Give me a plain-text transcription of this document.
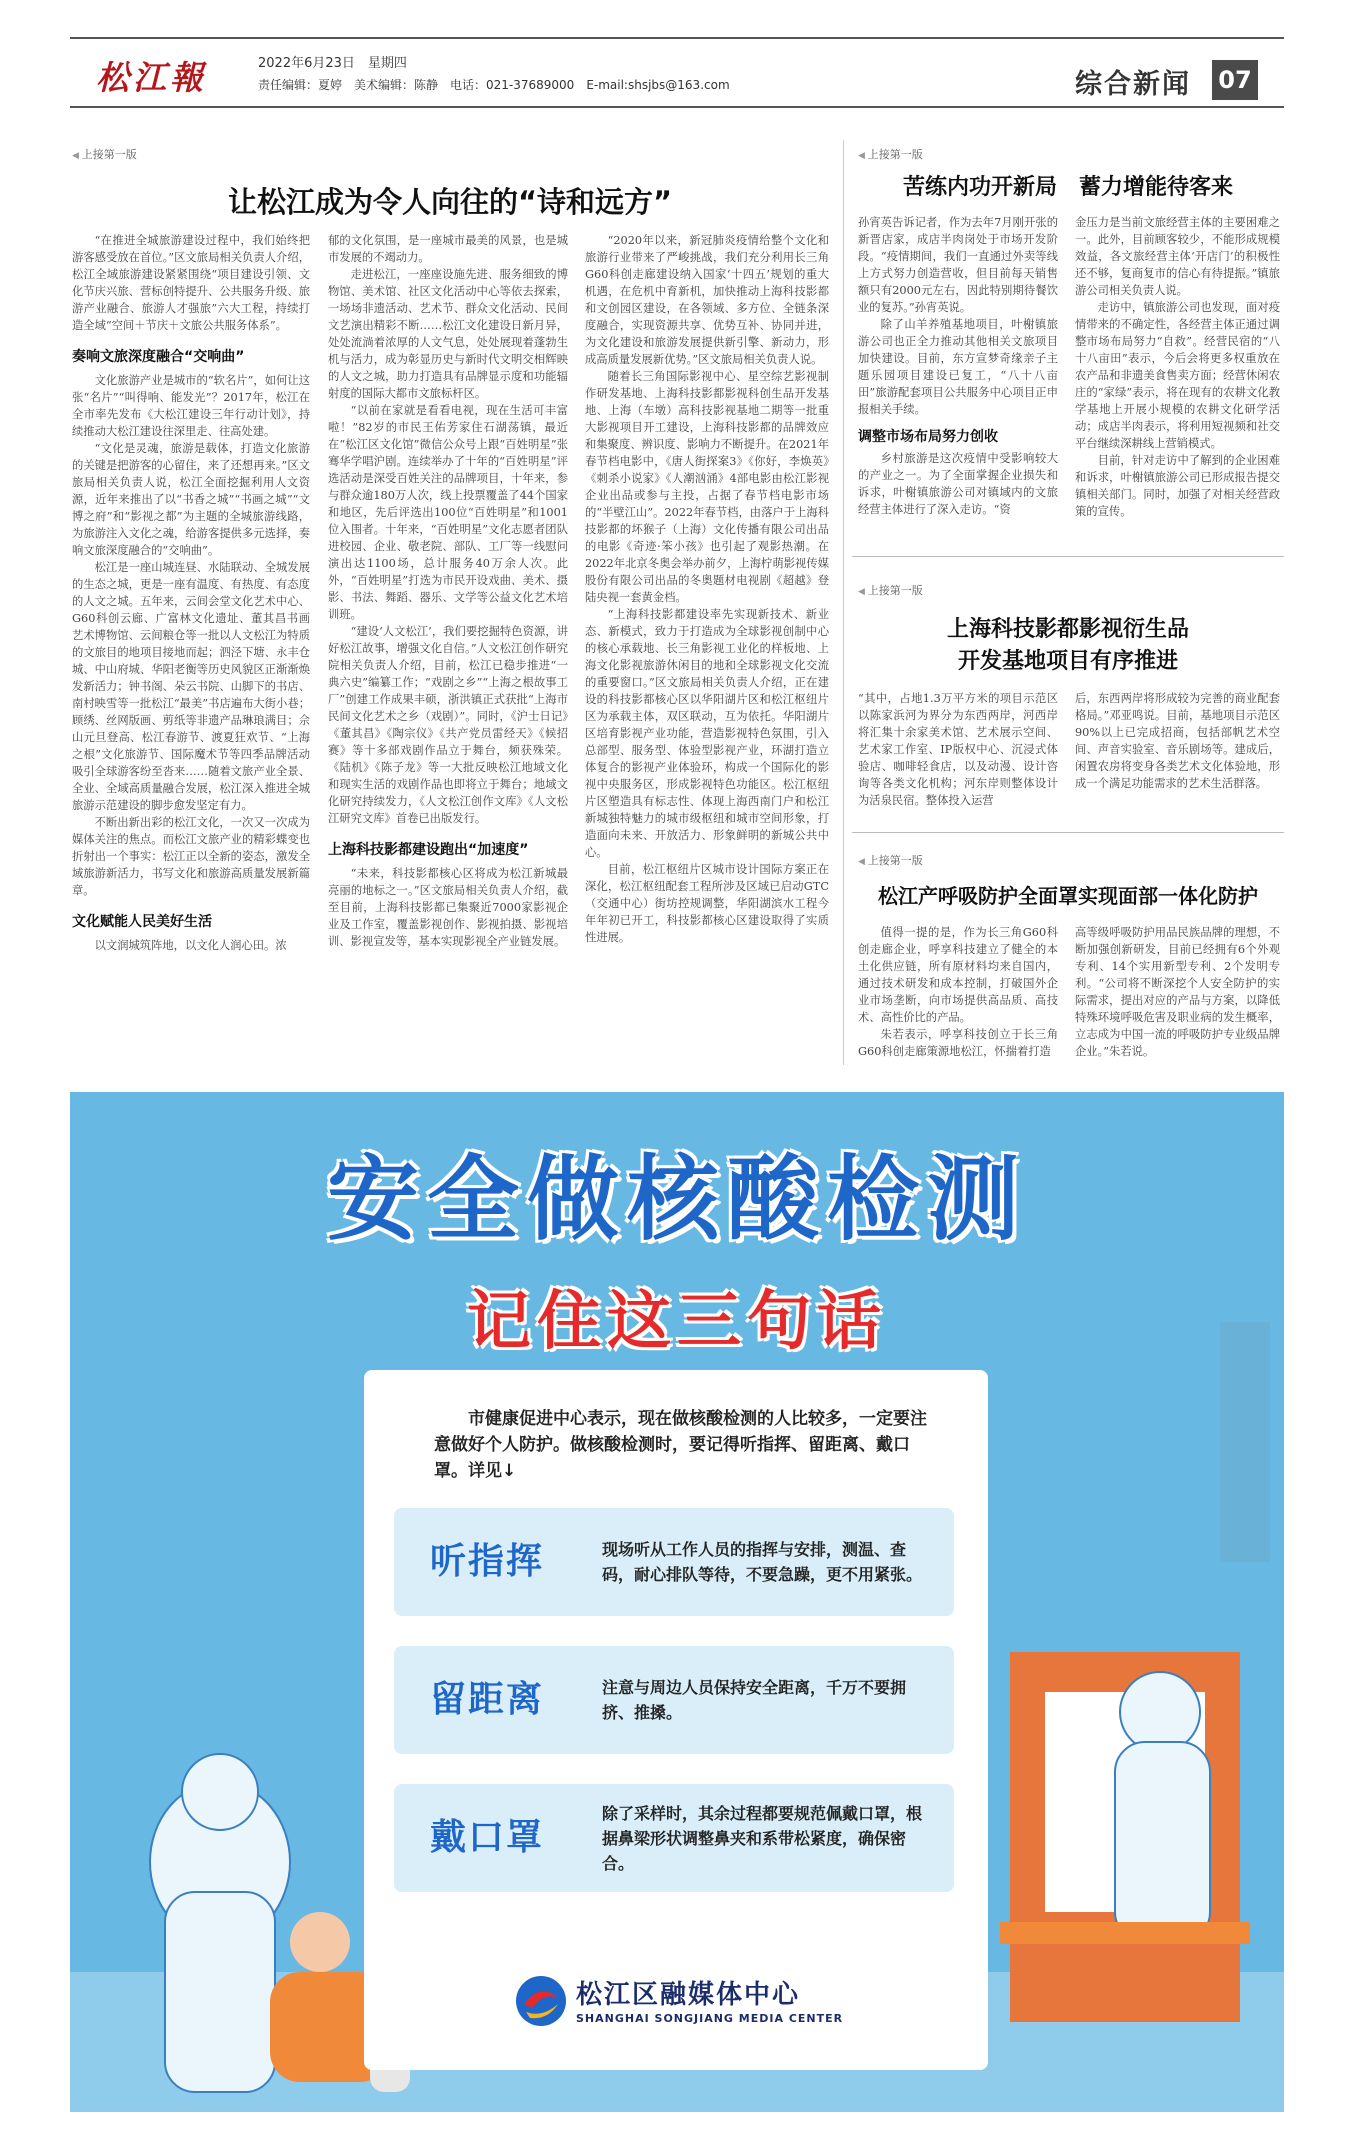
松江報	2022年6月23日　星期四
责任编辑：夏婷　美术编辑：陈静　电话：021-37689000　E-mail:shsjbs@163.com	综合新闻 07
◀ 上接第一版
让松江成为令人向往的“诗和远方”
“在推进全城旅游建设过程中，我们始终把游客感受放在首位。”区文旅局相关负责人介绍，松江全域旅游建设紧紧围绕“项目建设引领、文化节庆兴旅、营标创特提升、公共服务升级、旅游产业融合、旅游人才强旅”六大工程，持续打造全域“空间＋节庆＋文旅公共服务体系”。
奏响文旅深度融合“交响曲”
文化旅游产业是城市的“软名片”，如何让这张“名片”“叫得响、能发光”？2017年，松江在全市率先发布《大松江建设三年行动计划》，持续推动大松江建设往深里走、往高处建。
“文化是灵魂，旅游是载体，打造文化旅游的关键是把游客的心留住，来了还想再来。”区文旅局相关负责人说，松江全面挖掘利用人文资源，近年来推出了以“书香之城”“书画之城”“文博之府”和“影视之都”为主题的全城旅游线路，为旅游注入文化之魂，给游客提供多元选择，奏响文旅深度融合的“交响曲”。
松江是一座山城连昼、水陆联动、全城发展的生态之城，更是一座有温度、有热度、有态度的人文之城。五年来，云间会堂文化艺术中心、G60科创云廊、广富林文化遗址、董其昌书画艺术博物馆、云间粮仓等一批以人文松江为特质的文旅目的地项目接地而起；泗泾下塘、永丰仓城、中山府城、华阳老衡等历史风貌区正渐渐焕发新活力；钟书阁、朵云书院、山脚下的书店、南村映雪等一批松江“最美”书店遍布大街小巷；顾绣、丝网版画、剪纸等非遗产品琳琅满目；佘山元旦登高、松江春游节、渡夏狂欢节、“上海之根”文化旅游节、国际魔术节等四季品牌活动吸引全球游客纷至沓来……随着文旅产业全景、全业、全域高质量融合发展，松江深入推进全城旅游示范建设的脚步愈发坚定有力。
不断出新出彩的松江文化，一次又一次成为媒体关注的焦点。而松江文旅产业的精彩蝶变也折射出一个事实：松江正以全新的姿态，激发全域旅游新活力，书写文化和旅游高质量发展新篇章。
文化赋能人民美好生活
以文润城筑阵地，以文化人润心田。浓
郁的文化氛围，是一座城市最美的风景，也是城市发展的不竭动力。
走进松江，一座座设施先进、服务细致的博物馆、美术馆、社区文化活动中心等依去探索，一场场非遗活动、艺术节、群众文化活动、民间文艺演出精彩不断……松江文化建设日新月异，处处流淌着浓厚的人文气息，处处展现着蓬勃生机与活力，成为彰显历史与新时代文明交相辉映的人文之城，助力打造具有品牌显示度和功能辐射度的国际大都市文旅标杆区。
“以前在家就是看看电视，现在生活可丰富啦！”82岁的市民王佑芳家住石湖荡镇，最近在“松江区文化馆”微信公众号上跟“百姓明星”张骞华学唱沪剧。连续举办了十年的“百姓明星”评选活动是深受百姓关注的品牌项目，十年来，参与群众逾180万人次，线上投票覆盖了44个国家和地区，先后评选出100位“百姓明星”和1001位入围者。十年来，“百姓明星”文化志愿者团队进校园、企业、敬老院、部队、工厂等一线慰问演出达1100场，总计服务40万余人次。此外，“百姓明星”打选为市民开设戏曲、美术、摄影、书法、舞蹈、器乐、文学等公益文化艺术培训班。
“建设‘人文松江’，我们要挖掘特色资源，讲好松江故事，增强文化自信。”人文松江创作研究院相关负责人介绍，目前，松江已稳步推进“一典六史”编纂工作；“戏剧之乡”“上海之根故事工厂”创建工作成果丰硕，浙洪镇正式获批“上海市民间文化艺术之乡（戏剧）”。同时，《沪士日记》《董其昌》《陶宗仪》《共产党员雷经天》《候招赛》等十多部戏剧作品立于舞台，频获殊荣。《陆机》《陈子龙》等一大批反映松江地域文化和现实生活的戏剧作品也即将立于舞台；地域文化研究持续发力，《人文松江创作文库》《人文松江研究文库》首卷已出版发行。
上海科技影都建设跑出“加速度”
“未来，科技影都核心区将成为松江新城最亮丽的地标之一。”区文旅局相关负责人介绍，截至目前，上海科技影都已集聚近7000家影视企业及工作室，覆盖影视创作、影视拍摄、影视培训、影视宣发等，基本实现影视全产业链发展。
“2020年以来，新冠肺炎疫情给整个文化和旅游行业带来了严峻挑战，我们充分利用长三角G60科创走廊建设纳入国家‘十四五’规划的重大机遇，在危机中育新机，加快推动上海科技影都和文创园区建设，在各领域、多方位、全链条深度融合，实现资源共享、优势互补、协同并进，为文化建设和旅游发展提供新引擎、新动力，形成高质量发展新优势。”区文旅局相关负责人说。
随着长三角国际影视中心、星空综艺影视制作研发基地、上海科技影都影视科创生品开发基地、上海（车墩）高科技影视基地二期等一批重大影视项目开工建设，上海科技影都的品牌效应和集聚度、辨识度、影响力不断提升。在2021年春节档电影中，《唐人街探案3》《你好，李焕英》《刺杀小说家》《人潮汹涌》4部电影由松江影视企业出品或参与主投，占据了春节档电影市场的“半壁江山”。2022年春节档，由落户于上海科技影都的坏猴子（上海）文化传播有限公司出品的电影《奇迹·笨小孩》也引起了观影热潮。在2022年北京冬奥会举办前夕，上海柠萌影视传媒股份有限公司出品的冬奥题材电视剧《超越》登陆央视一套黄金档。
“上海科技影都建设率先实现新技术、新业态、新模式，致力于打造成为全球影视创制中心的核心承载地、长三角影视工业化的样板地、上海文化影视旅游休闲目的地和全球影视文化交流的重要窗口。”区文旅局相关负责人介绍，正在建设的科技影都核心区以华阳湖片区和松江枢纽片区为承载主体，双区联动，互为依托。华阳湖片区培育影视产业功能，营造影视特色氛围，引入总部型、服务型、体验型影视产业，环湖打造立体复合的影视产业体验环，构成一个国际化的影视中央服务区，形成影视特色功能区。松江枢纽片区塑造具有标志性、体现上海西南门户和松江新城独特魅力的城市级枢纽和城市空间形象，打造面向未来、开放活力、形象鲜明的新城公共中心。
目前，松江枢纽片区城市设计国际方案正在深化，松江枢纽配套工程所涉及区域已启动GTC（交通中心）街坊控规调整，华阳湖滨水工程今年年初已开工，科技影都核心区建设取得了实质性进展。
◀ 上接第一版
苦练内功开新局　蓄力增能待客来
孙宵英告诉记者，作为去年7月刚开张的新晋店家，成店半肉岗处于市场开发阶段。“疫情期间，我们一直通过外卖等线上方式努力创造营收，但目前每天销售额只有2000元左右，因此特别期待餐饮业的复苏。”孙宵英说。
除了山羊养殖基地项目，叶榭镇旅游公司也正全力推动其他相关文旅项目加快建设。目前，东方宣梦奇缘亲子主题乐园项目建设已复工，“八十八亩田”旅游配套项目公共服务中心项目正申报相关手续。
调整市场布局努力创收
乡村旅游是这次疫情中受影响较大的产业之一。为了全面掌握企业损失和诉求，叶榭镇旅游公司对镇域内的文旅经营主体进行了深入走访。“资
金压力是当前文旅经营主体的主要困难之一。此外，目前顾客较少，不能形成规模效益，各文旅经营主体‘开店门’的积极性还不够，复商复市的信心有待提振。”镇旅游公司相关负责人说。
走访中，镇旅游公司也发现，面对疫情带来的不确定性，各经营主体正通过调整市场布局努力“自救”。经营民宿的“八十八亩田”表示，今后会将更多权重放在农产品和非遗美食售卖方面；经营休闲农庄的“家绿”表示，将在现有的农耕文化教学基地上开展小规模的农耕文化研学活动；成店半肉表示，将利用短视频和社交平台继续深耕线上营销模式。
目前，针对走访中了解到的企业困难和诉求，叶榭镇旅游公司已形成报告提交镇相关部门。同时，加强了对相关经营政策的宣传。
◀ 上接第一版
上海科技影都影视衍生品
开发基地项目有序推进
“其中，占地1.3万平方米的项目示范区以陈家浜河为界分为东西两岸，河西岸将汇集十余家美术馆、艺术展示空间、艺术家工作室、IP版权中心、沉浸式体验店、咖啡轻食店，以及动漫、设计咨询等各类文化机构；河东岸则整体设计为活泉民宿。整体投入运营
后，东西两岸将形成较为完善的商业配套格局。”邓亚鸣说。目前，基地项目示范区90%以上已完成招商，包括部帆艺术空间、声音实验室、音乐剧场等。建成后，闲置农房将变身各类艺术文化体验地，形成一个满足功能需求的艺术生活群落。
◀ 上接第一版
松江产呼吸防护全面罩实现面部一体化防护
值得一提的是，作为长三角G60科创走廊企业，呼享科技建立了健全的本土化供应链，所有原材料均来自国内，通过技术研发和成本控制，打破国外企业市场垄断，向市场提供高品质、高技术、高性价比的产品。
朱若表示，呼享科技创立于长三角G60科创走廊策源地松江，怀揣着打造
高等级呼吸防护用品民族品牌的理想，不断加强创新研发，目前已经拥有6个外观专利、14个实用新型专利、2个发明专利。“公司将不断深挖个人安全防护的实际需求，提出对应的产品与方案，以降低特殊环境呼吸危害及职业病的发生概率，立志成为中国一流的呼吸防护专业级品牌企业。”朱若说。
安全做核酸检测
记住这三句话
市健康促进中心表示，现在做核酸检测的人比较多，一定要注意做好个人防护。做核酸检测时，要记得听指挥、留距离、戴口罩。详见↓
听指挥	现场听从工作人员的指挥与安排，测温、查码，耐心排队等待，不要急躁，更不用紧张。
留距离	注意与周边人员保持安全距离，千万不要拥挤、推搡。
戴口罩
除了采样时，其余过程都要规范佩戴口罩，根据鼻梁形状调整鼻夹和系带松紧度，确保密合。
松江区融媒体中心
SHANGHAI SONGJIANG MEDIA CENTER
